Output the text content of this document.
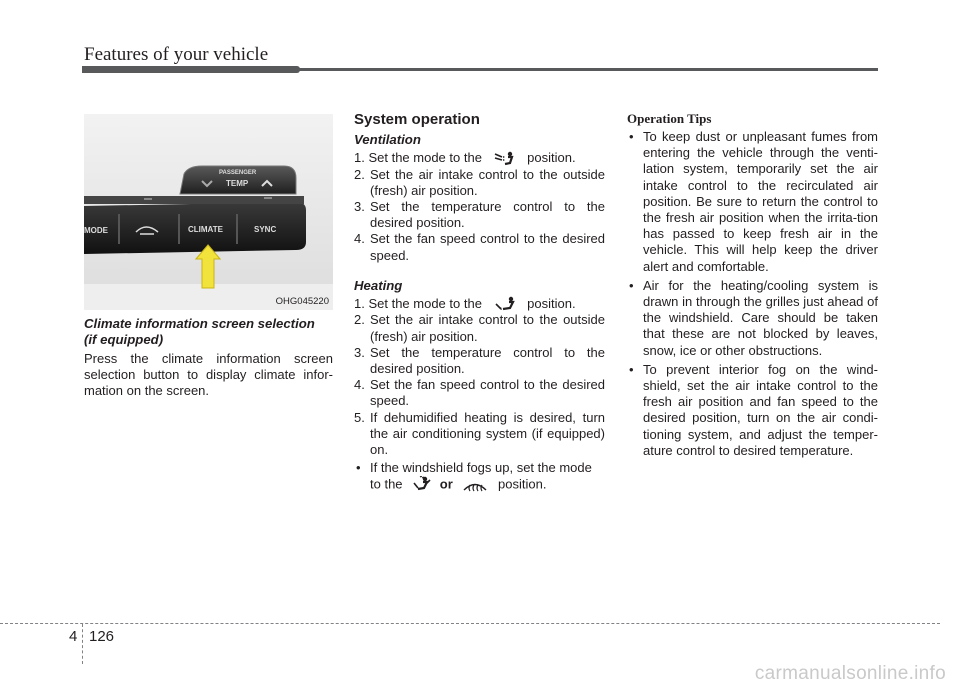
Features of your vehicle
PASSENGER
TEMP
MODE	CLIMATE	SYNC
OHG045220

Climate information screen selection

(if equipped)

Press the climate information screen selection button to display climate infor-mation on the screen.

System operation

Ventilation

1. Set the mode to the	position.

2. Set the air intake control to the outside (fresh) air position.
3. Set the temperature control to the desired position.
4. Set the fan speed control to the desired speed.

Heating

1. Set the mode to the	position.

2. Set the air intake control to the outside (fresh) air position.
3. Set the temperature control to the desired position.
4. Set the fan speed control to the desired speed.
5. If dehumidified heating is desired, turn the air conditioning system (if equipped) on.
• If the windshield fogs up, set the mode
to the	or	position.

Operation Tips

• To keep dust or unpleasant fumes from entering the vehicle through the venti-lation system, temporarily set the air intake control to the recirculated air position. Be sure to return the control to the fresh air position when the irrita-tion has passed to keep fresh air in the vehicle. This will help keep the driver alert and comfortable.
• Air for the heating/cooling system is drawn in through the grilles just ahead of the windshield. Care should be taken that these are not blocked by leaves, snow, ice or other obstructions.
• To prevent interior fog on the wind-shield, set the air intake control to the fresh air position and fan speed to the desired position, turn on the air condi-tioning system, and adjust the temper-ature control to desired temperature.
4 126
carmanualsonline.info
